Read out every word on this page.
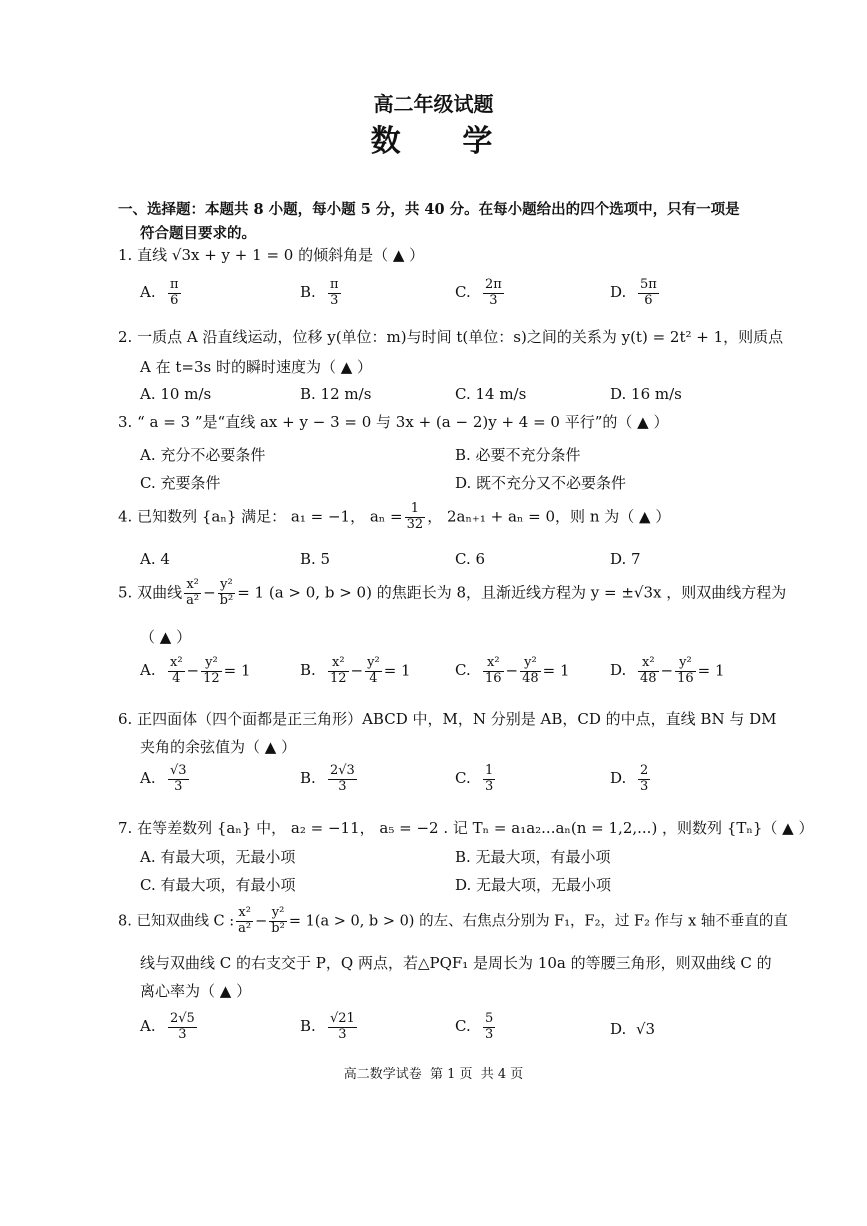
高二年级试题
数    学
一、选择题：本题共 8 小题，每小题 5 分，共 40 分。在每小题给出的四个选项中，只有一项是
符合题目要求的。
1. 直线 √3x + y + 1 = 0 的倾斜角是（ ▲ ）
A. $\frac{\pi}{6}$	B. $\frac{\pi}{3}$	C. $\frac{2\pi}{3}$	D. $\frac{5\pi}{6}$
2. 一质点 A 沿直线运动，位移 y(单位：m)与时间 t(单位：s)之间的关系为 y(t) = 2t² + 1，则质点
A 在 t=3s 时的瞬时速度为（ ▲ ）
A. 10 m/s	B. 12 m/s	C. 14 m/s	D. 16 m/s
3. “ a = 3 ”是“直线 ax + y − 3 = 0 与 3x + (a − 2)y + 4 = 0 平行”的（ ▲ ）
A. 充分不必要条件	B. 必要不充分条件
C. 充要条件	D. 既不充分又不必要条件
4. 已知数列 {aₙ} 满足： a₁ = −1， $a_n = \frac{1}{32}$ ， 2aₙ₊₁ + aₙ = 0，则 n 为（ ▲ ）
A. 4	B. 5	C. 6	D. 7
5. 双曲线 $\frac{\text{x²}}{\text{a²}} - \frac{\text{y²}}{\text{b²}} = 1$ (a > 0, b > 0) 的焦距长为 8，且渐近线方程为 y = ±√3x ，则双曲线方程为
（ ▲ ）
A. $\frac{\text{x²}}{4} - \frac{\text{y²}}{12} = 1$	B. $\frac{\text{x²}}{12} - \frac{\text{y²}}{4} = 1$	C. $\frac{\text{x²}}{16} - \frac{\text{y²}}{48} = 1$	D. $\frac{\text{x²}}{48} - \frac{\text{y²}}{16} = 1$
6. 正四面体（四个面都是正三角形）ABCD 中，M，N 分别是 AB，CD 的中点，直线 BN 与 DM
夹角的余弦值为（ ▲ ）
A. $\frac{√3}{3}$	B. $\frac{2√3}{3}$	C. $\frac{1}{3}$	D. $\frac{2}{3}$
7. 在等差数列 {aₙ} 中， a₂ = −11， a₅ = −2 . 记 Tₙ = a₁a₂...aₙ(n = 1,2,...) ，则数列 {Tₙ}（ ▲ ）
A. 有最大项，无最小项	B. 无最大项，有最小项
C. 有最大项，有最小项	D. 无最大项，无最小项
8. 已知双曲线 C : $\frac{\text{x²}}{\text{a²}} - \frac{\text{y²}}{\text{b²}} = 1(a > 0$, b > 0) 的左、右焦点分别为 F₁，F₂，过 F₂ 作与 x 轴不垂直的直
线与双曲线 C 的右支交于 P，Q 两点，若△PQF₁ 是周长为 10a 的等腰三角形，则双曲线 C 的
离心率为（ ▲ ）
A. $\frac{2√5}{3}$	B. $\frac{√21}{3}$	C. $\frac{5}{3}$	D. √3
高二数学试卷  第 1 页  共 4 页
